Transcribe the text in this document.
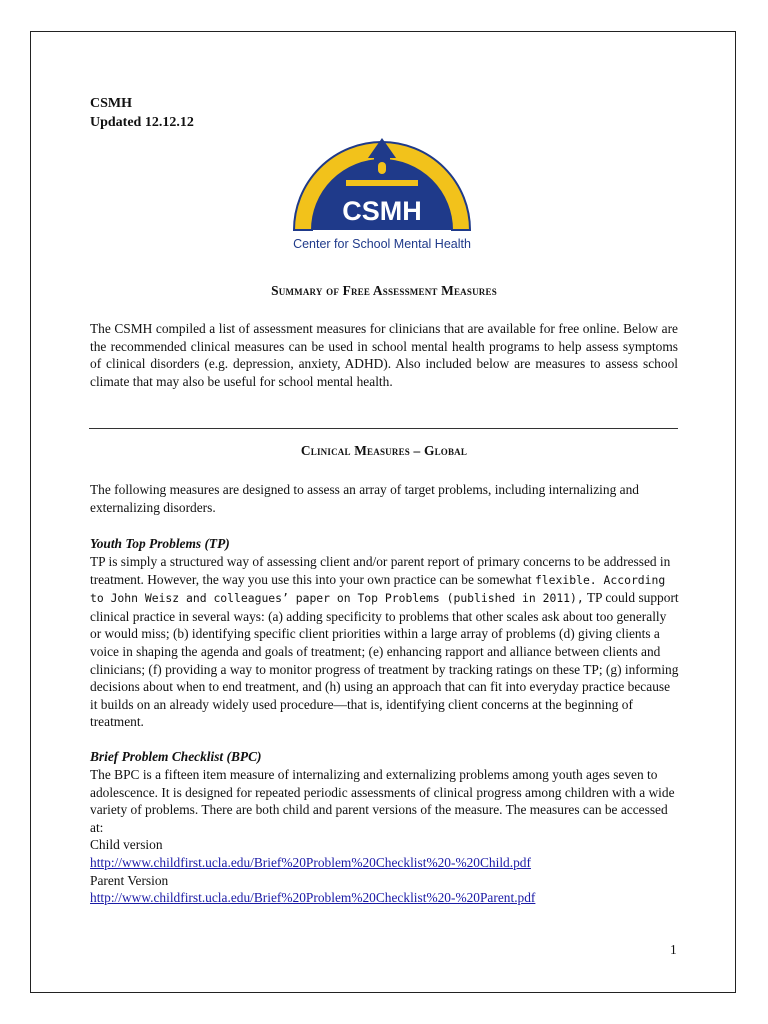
CSMH
Updated 12.12.12
CSMH
Center for School Mental Health
Summary of Free Assessment Measures
The CSMH compiled a list of assessment measures for clinicians that are available for free online. Below are the recommended clinical measures can be used in school mental health programs to help assess symptoms of clinical disorders (e.g. depression, anxiety, ADHD). Also included below are measures to assess school climate that may also be useful for school mental health.
Clinical Measures – Global
The following measures are designed to assess an array of target problems, including internalizing and externalizing disorders.
Youth Top Problems (TP)
TP is simply a structured way of assessing client and/or parent report of primary concerns to be addressed in treatment. However, the way you use this into your own practice can be somewhat flexible. According to John Weisz and colleagues’ paper on Top Problems (published in 2011), TP could support clinical practice in several ways: (a) adding specificity to problems that other scales ask about too generally or would miss; (b) identifying specific client priorities within a large array of problems (d) giving clients a voice in shaping the agenda and goals of treatment; (e) enhancing rapport and alliance between clients and clinicians; (f) providing a way to monitor progress of treatment by tracking ratings on these TP; (g) informing decisions about when to end treatment, and (h) using an approach that can fit into everyday practice because it builds on an already widely used procedure—that is, identifying client concerns at the beginning of treatment.
Brief Problem Checklist (BPC)
The BPC is a fifteen item measure of internalizing and externalizing problems among youth ages seven to adolescence. It is designed for repeated periodic assessments of clinical progress among children with a wide variety of problems. There are both child and parent versions of the measure. The measures can be accessed at:
Child version
http://www.childfirst.ucla.edu/Brief%20Problem%20Checklist%20-%20Child.pdf
Parent Version
http://www.childfirst.ucla.edu/Brief%20Problem%20Checklist%20-%20Parent.pdf
1
